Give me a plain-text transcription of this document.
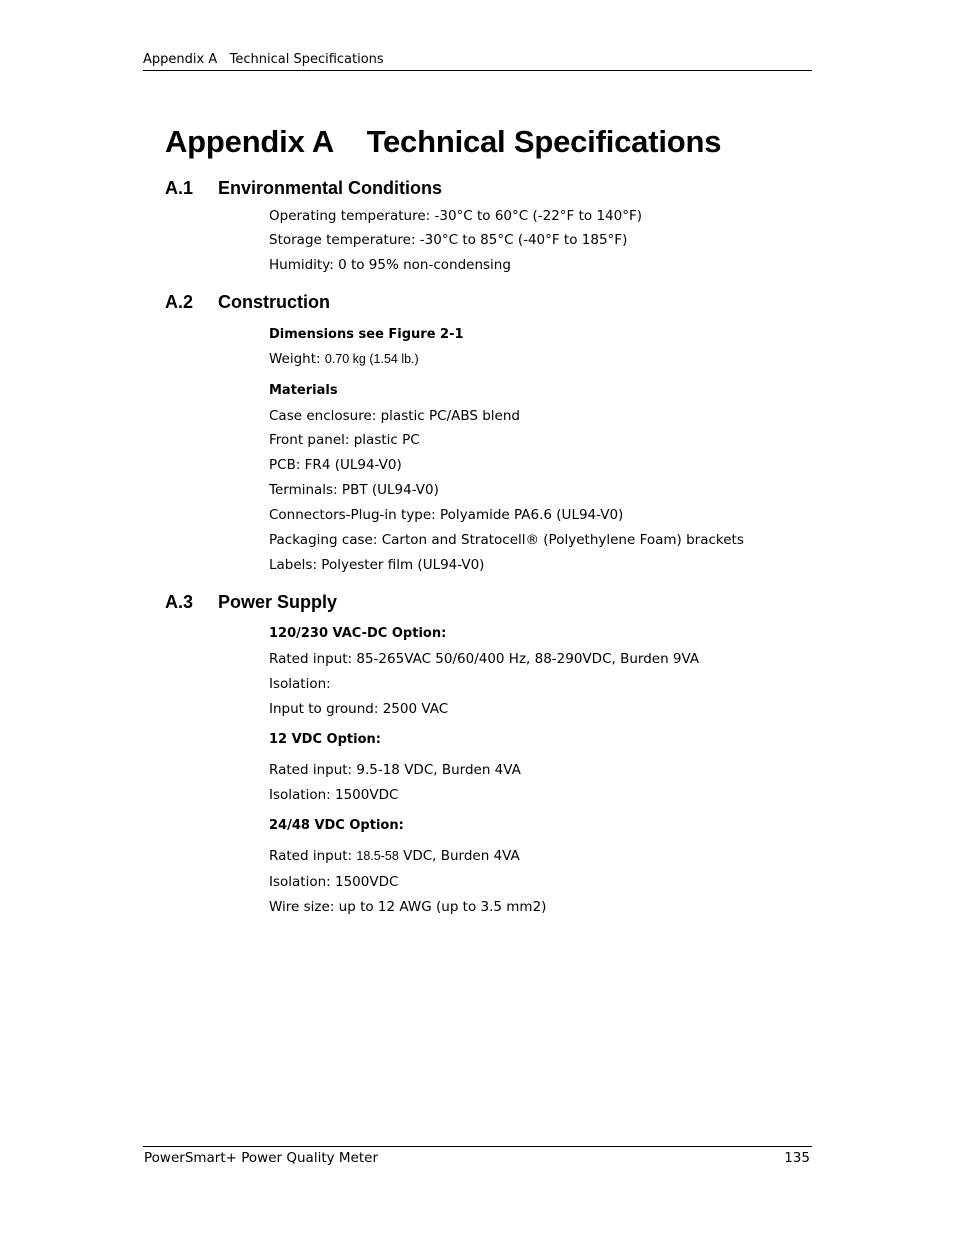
Appendix A   Technical Specifications
Appendix A    Technical Specifications
A.1 Environmental Conditions
Operating temperature: -30°C to 60°C (-22°F to 140°F)
Storage temperature: -30°C to 85°C (-40°F to 185°F)
Humidity: 0 to 95% non-condensing
A.2 Construction
Dimensions see Figure 2-1
Weight: 0.70 kg (1.54 lb.)
Materials
Case enclosure: plastic PC/ABS blend
Front panel: plastic PC
PCB: FR4 (UL94-V0)
Terminals: PBT (UL94-V0)
Connectors-Plug-in type: Polyamide PA6.6 (UL94-V0)
Packaging case: Carton and Stratocell® (Polyethylene Foam) brackets
Labels: Polyester film (UL94-V0)
A.3 Power Supply
120/230 VAC-DC Option:
Rated input: 85-265VAC 50/60/400 Hz, 88-290VDC, Burden 9VA
Isolation:
Input to ground: 2500 VAC
12 VDC Option:
Rated input: 9.5-18 VDC, Burden 4VA
Isolation: 1500VDC
24/48 VDC Option:
Rated input: 18.5-58 VDC, Burden 4VA
Isolation: 1500VDC
Wire size: up to 12 AWG (up to 3.5 mm2)
PowerSmart+ Power Quality Meter	135
